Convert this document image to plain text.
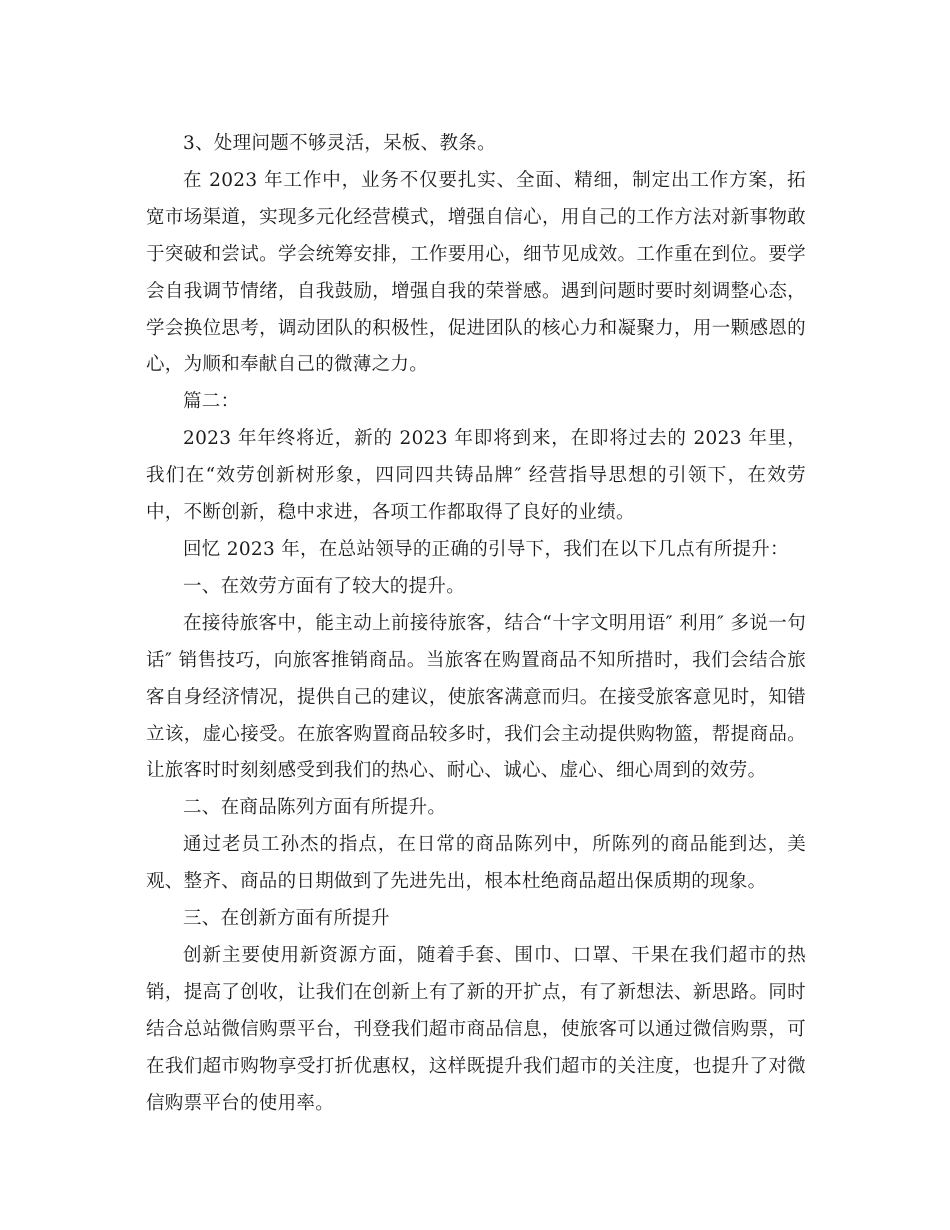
3、处理问题不够灵活，呆板、教条。

在 2023 年工作中，业务不仅要扎实、全面、精细，制定出工作方案，拓宽市场渠道，实现多元化经营模式，增强自信心，用自己的工作方法对新事物敢于突破和尝试。学会统筹安排，工作要用心，细节见成效。工作重在到位。要学会自我调节情绪，自我鼓励，增强自我的荣誉感。遇到问题时要时刻调整心态，学会换位思考，调动团队的积极性，促进团队的核心力和凝聚力，用一颗感恩的心，为顺和奉献自己的微薄之力。

篇二：

2023 年年终将近，新的 2023 年即将到来，在即将过去的 2023 年里，我们在“效劳创新树形象，四同四共铸品牌″ 经营指导思想的引领下，在效劳中，不断创新，稳中求进，各项工作都取得了良好的业绩。

回忆 2023 年，在总站领导的正确的引导下，我们在以下几点有所提升：

一、在效劳方面有了较大的提升。

在接待旅客中，能主动上前接待旅客，结合“十字文明用语″ 利用″ 多说一句话″ 销售技巧，向旅客推销商品。当旅客在购置商品不知所措时，我们会结合旅客自身经济情况，提供自己的建议，使旅客满意而归。在接受旅客意见时，知错立该，虚心接受。在旅客购置商品较多时，我们会主动提供购物篮，帮提商品。让旅客时时刻刻感受到我们的热心、耐心、诚心、虚心、细心周到的效劳。

二、在商品陈列方面有所提升。

通过老员工孙杰的指点，在日常的商品陈列中，所陈列的商品能到达，美观、整齐、商品的日期做到了先进先出，根本杜绝商品超出保质期的现象。

三、在创新方面有所提升

创新主要使用新资源方面，随着手套、围巾、口罩、干果在我们超市的热销，提高了创收，让我们在创新上有了新的开扩点，有了新想法、新思路。同时结合总站微信购票平台，刊登我们超市商品信息，使旅客可以通过微信购票，可在我们超市购物享受打折优惠权，这样既提升我们超市的关注度，也提升了对微信购票平台的使用率。
